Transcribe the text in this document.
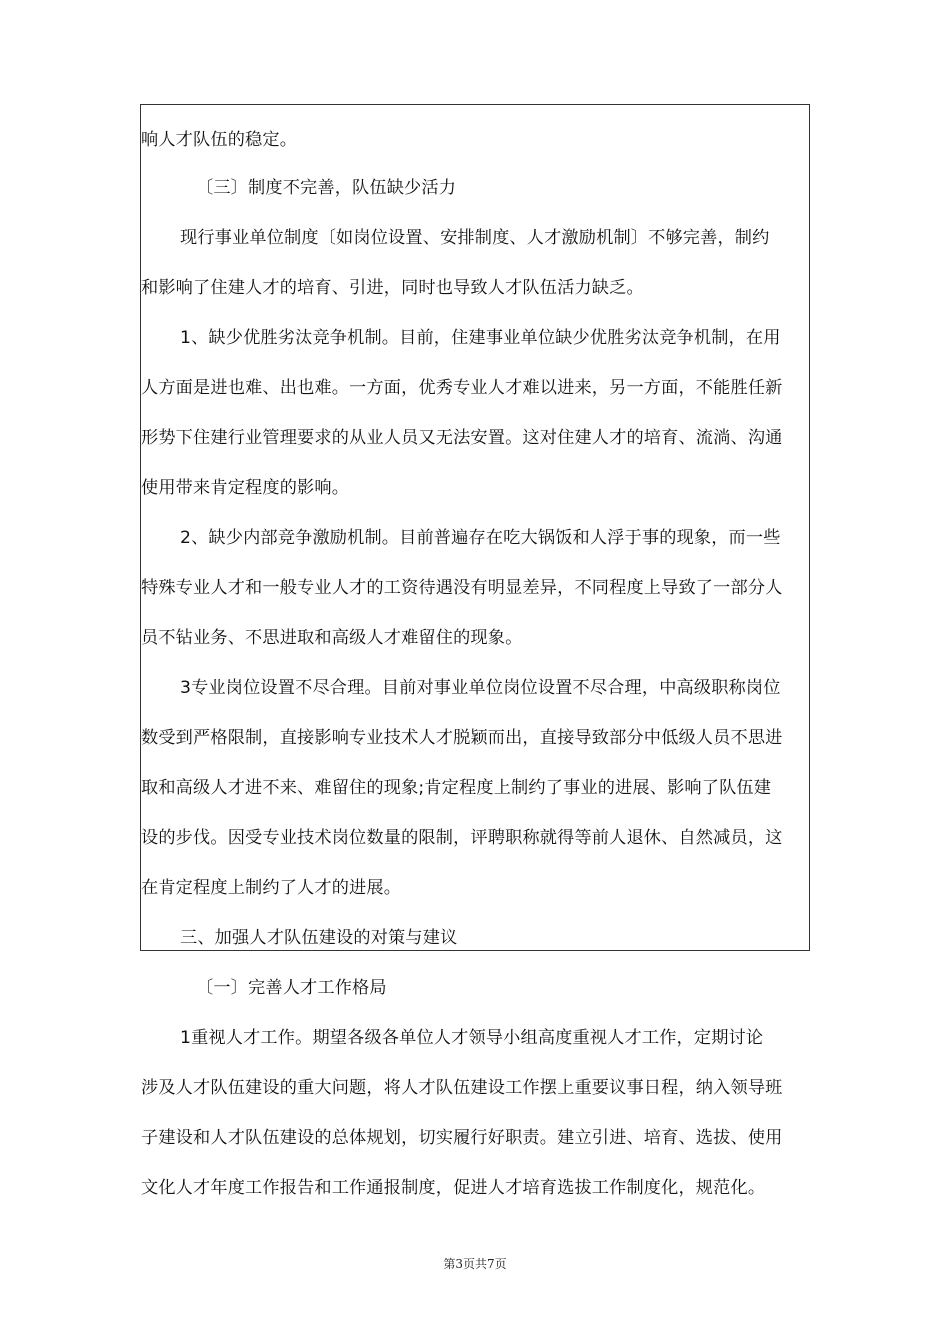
响人才队伍的稳定。
〔三〕制度不完善，队伍缺少活力
现行事业单位制度〔如岗位设置、安排制度、人才激励机制〕不够完善，制约
和影响了住建人才的培育、引进，同时也导致人才队伍活力缺乏。
1、缺少优胜劣汰竞争机制。目前，住建事业单位缺少优胜劣汰竞争机制，在用
人方面是进也难、出也难。一方面，优秀专业人才难以进来，另一方面，不能胜任新
形势下住建行业管理要求的从业人员又无法安置。这对住建人才的培育、流淌、沟通
使用带来肯定程度的影响。
2、缺少内部竞争激励机制。目前普遍存在吃大锅饭和人浮于事的现象，而一些
特殊专业人才和一般专业人才的工资待遇没有明显差异，不同程度上导致了一部分人
员不钻业务、不思进取和高级人才难留住的现象。
3专业岗位设置不尽合理。目前对事业单位岗位设置不尽合理，中高级职称岗位
数受到严格限制，直接影响专业技术人才脱颖而出，直接导致部分中低级人员不思进
取和高级人才进不来、难留住的现象;肯定程度上制约了事业的进展、影响了队伍建
设的步伐。因受专业技术岗位数量的限制，评聘职称就得等前人退休、自然减员，这
在肯定程度上制约了人才的进展。
三、加强人才队伍建设的对策与建议
〔一〕完善人才工作格局
1重视人才工作。期望各级各单位人才领导小组高度重视人才工作，定期讨论
涉及人才队伍建设的重大问题，将人才队伍建设工作摆上重要议事日程，纳入领导班
子建设和人才队伍建设的总体规划，切实履行好职责。建立引进、培育、选拔、使用
文化人才年度工作报告和工作通报制度，促进人才培育选拔工作制度化，规范化。
第3页共7页
